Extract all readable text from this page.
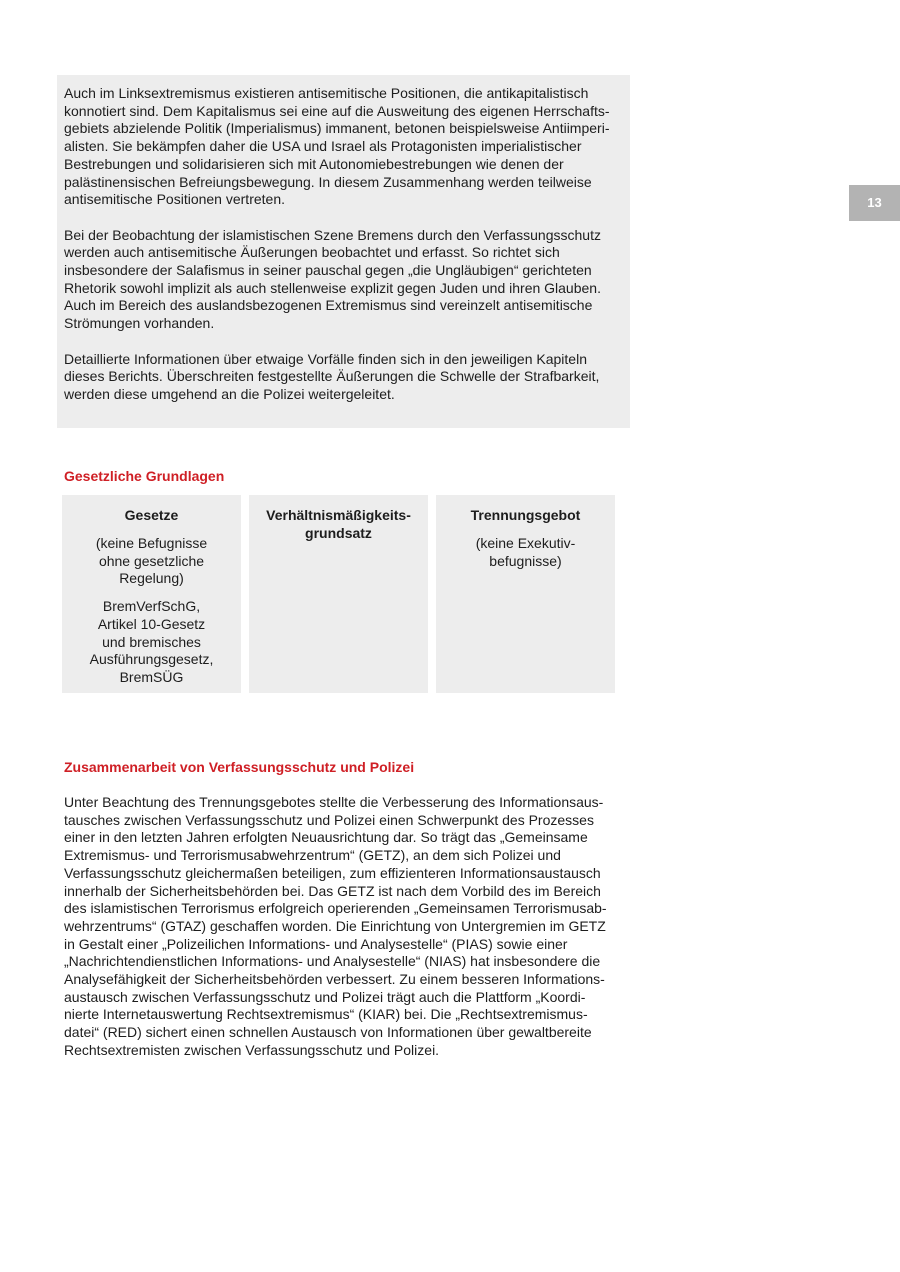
13

Auch im Linksextremismus existieren antisemitische Positionen, die antikapitalistisch
konnotiert sind. Dem Kapitalismus sei eine auf die Ausweitung des eigenen Herrschafts-
gebiets abzielende Politik (Imperialismus) immanent, betonen beispielsweise Antiimperi-
alisten. Sie bekämpfen daher die USA und Israel als Protagonisten imperialistischer
Bestrebungen und solidarisieren sich mit Autonomiebestrebungen wie denen der
palästinensischen Befreiungsbewegung. In diesem Zusammenhang werden teilweise
antisemitische Positionen vertreten.

Bei der Beobachtung der islamistischen Szene Bremens durch den Verfassungsschutz
werden auch antisemitische Äußerungen beobachtet und erfasst. So richtet sich
insbesondere der Salafismus in seiner pauschal gegen „die Ungläubigen“ gerichteten
Rhetorik sowohl implizit als auch stellenweise explizit gegen Juden und ihren Glauben.
Auch im Bereich des auslandsbezogenen Extremismus sind vereinzelt antisemitische
Strömungen vorhanden.

Detaillierte Informationen über etwaige Vorfälle finden sich in den jeweiligen Kapiteln
dieses Berichts. Überschreiten festgestellte Äußerungen die Schwelle der Strafbarkeit,
werden diese umgehend an die Polizei weitergeleitet.

Gesetzliche Grundlagen
Gesetze

(keine Befugnisse
ohne gesetzliche
Regelung)

BremVerfSchG,
Artikel 10-Gesetz
und bremisches
Ausführungsgesetz,
BremSÜG

Verhältnismäßigkeits-
grundsatz
Trennungsgebot

(keine Exekutiv-
befugnisse)

Zusammenarbeit von Verfassungsschutz und Polizei

Unter Beachtung des Trennungsgebotes stellte die Verbesserung des Informationsaus-
tausches zwischen Verfassungsschutz und Polizei einen Schwerpunkt des Prozesses
einer in den letzten Jahren erfolgten Neuausrichtung dar. So trägt das „Gemeinsame
Extremismus- und Terrorismusabwehrzentrum“ (GETZ), an dem sich Polizei und
Verfassungsschutz gleichermaßen beteiligen, zum effizienteren Informationsaustausch
innerhalb der Sicherheitsbehörden bei. Das GETZ ist nach dem Vorbild des im Bereich
des islamistischen Terrorismus erfolgreich operierenden „Gemeinsamen Terrorismusab-
wehrzentrums“ (GTAZ) geschaffen worden. Die Einrichtung von Untergremien im GETZ
in Gestalt einer „Polizeilichen Informations- und Analysestelle“ (PIAS) sowie einer
„Nachrichtendienstlichen Informations- und Analysestelle“ (NIAS) hat insbesondere die
Analysefähigkeit der Sicherheitsbehörden verbessert. Zu einem besseren Informations-
austausch zwischen Verfassungsschutz und Polizei trägt auch die Plattform „Koordi-
nierte Internetauswertung Rechtsextremismus“ (KIAR) bei. Die „Rechtsextremismus-
datei“ (RED) sichert einen schnellen Austausch von Informationen über gewaltbereite
Rechtsextremisten zwischen Verfassungsschutz und Polizei.
